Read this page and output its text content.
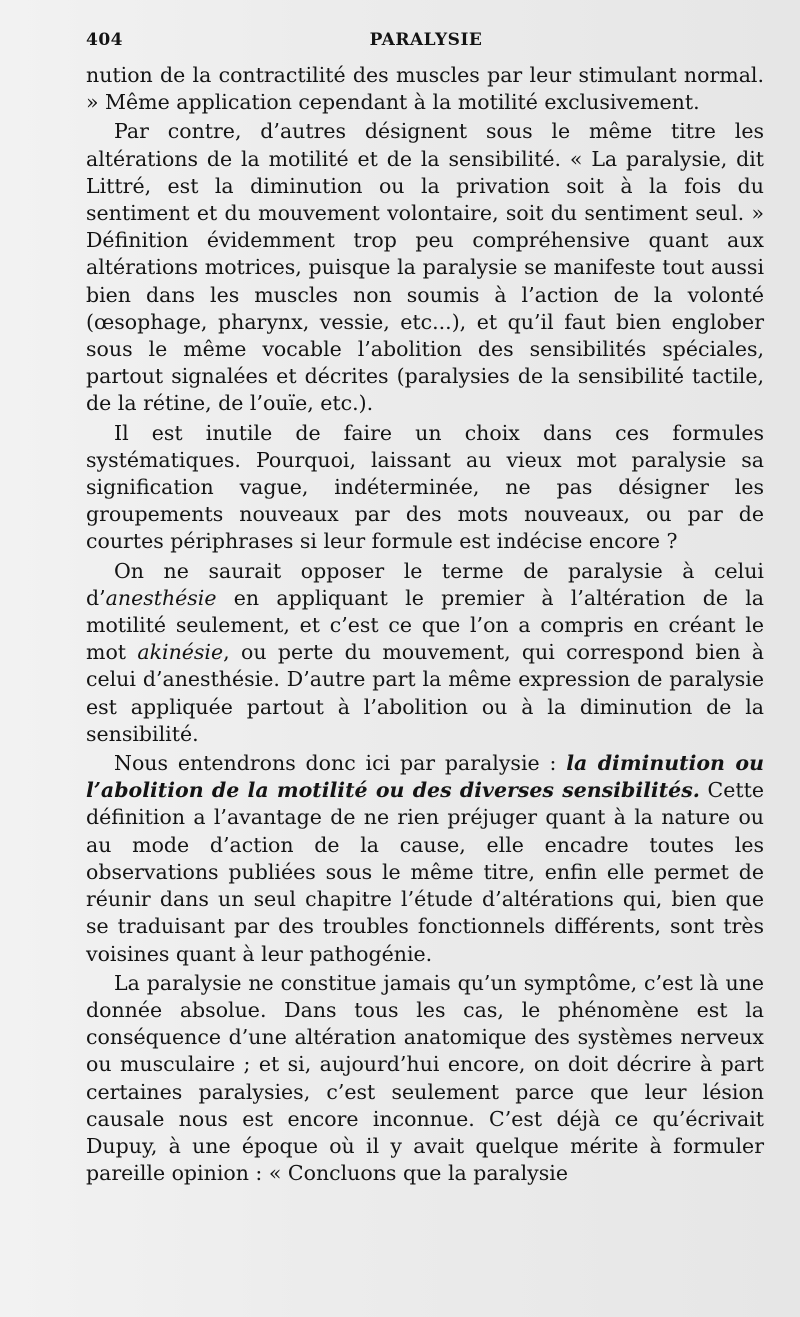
404	PARALYSIE

nution de la contractilité des muscles par leur stimulant normal. » Même application cependant à la motilité exclusivement.

Par contre, d’autres désignent sous le même titre les altérations de la motilité et de la sensibilité. « La paralysie, dit Littré, est la diminution ou la privation soit à la fois du sentiment et du mouvement volontaire, soit du sentiment seul. » Définition évidemment trop peu compréhensive quant aux altérations motrices, puisque la paralysie se manifeste tout aussi bien dans les muscles non soumis à l’action de la volonté (œsophage, pharynx, vessie, etc...), et qu’il faut bien englober sous le même vocable l’abolition des sensibilités spéciales, partout signalées et décrites (paralysies de la sensibilité tactile, de la rétine, de l’ouïe, etc.).

Il est inutile de faire un choix dans ces formules systématiques. Pourquoi, laissant au vieux mot paralysie sa signification vague, indéterminée, ne pas désigner les groupements nouveaux par des mots nouveaux, ou par de courtes périphrases si leur formule est indécise encore ?

On ne saurait opposer le terme de paralysie à celui d’anesthésie en appliquant le premier à l’altération de la motilité seulement, et c’est ce que l’on a compris en créant le mot akinésie, ou perte du mouvement, qui correspond bien à celui d’anesthésie. D’autre part la même expression de paralysie est appliquée partout à l’abolition ou à la diminution de la sensibilité.

Nous entendrons donc ici par paralysie : la diminution ou l’abolition de la motilité ou des diverses sensibilités. Cette définition a l’avantage de ne rien préjuger quant à la nature ou au mode d’action de la cause, elle encadre toutes les observations publiées sous le même titre, enfin elle permet de réunir dans un seul chapitre l’étude d’altérations qui, bien que se traduisant par des troubles fonctionnels différents, sont très voisines quant à leur pathogénie.

La paralysie ne constitue jamais qu’un symptôme, c’est là une donnée absolue. Dans tous les cas, le phénomène est la conséquence d’une altération anatomique des systèmes nerveux ou musculaire ; et si, aujourd’hui encore, on doit décrire à part certaines paralysies, c’est seulement parce que leur lésion causale nous est encore inconnue. C’est déjà ce qu’écrivait Dupuy, à une époque où il y avait quelque mérite à formuler pareille opinion : « Concluons que la paralysie
